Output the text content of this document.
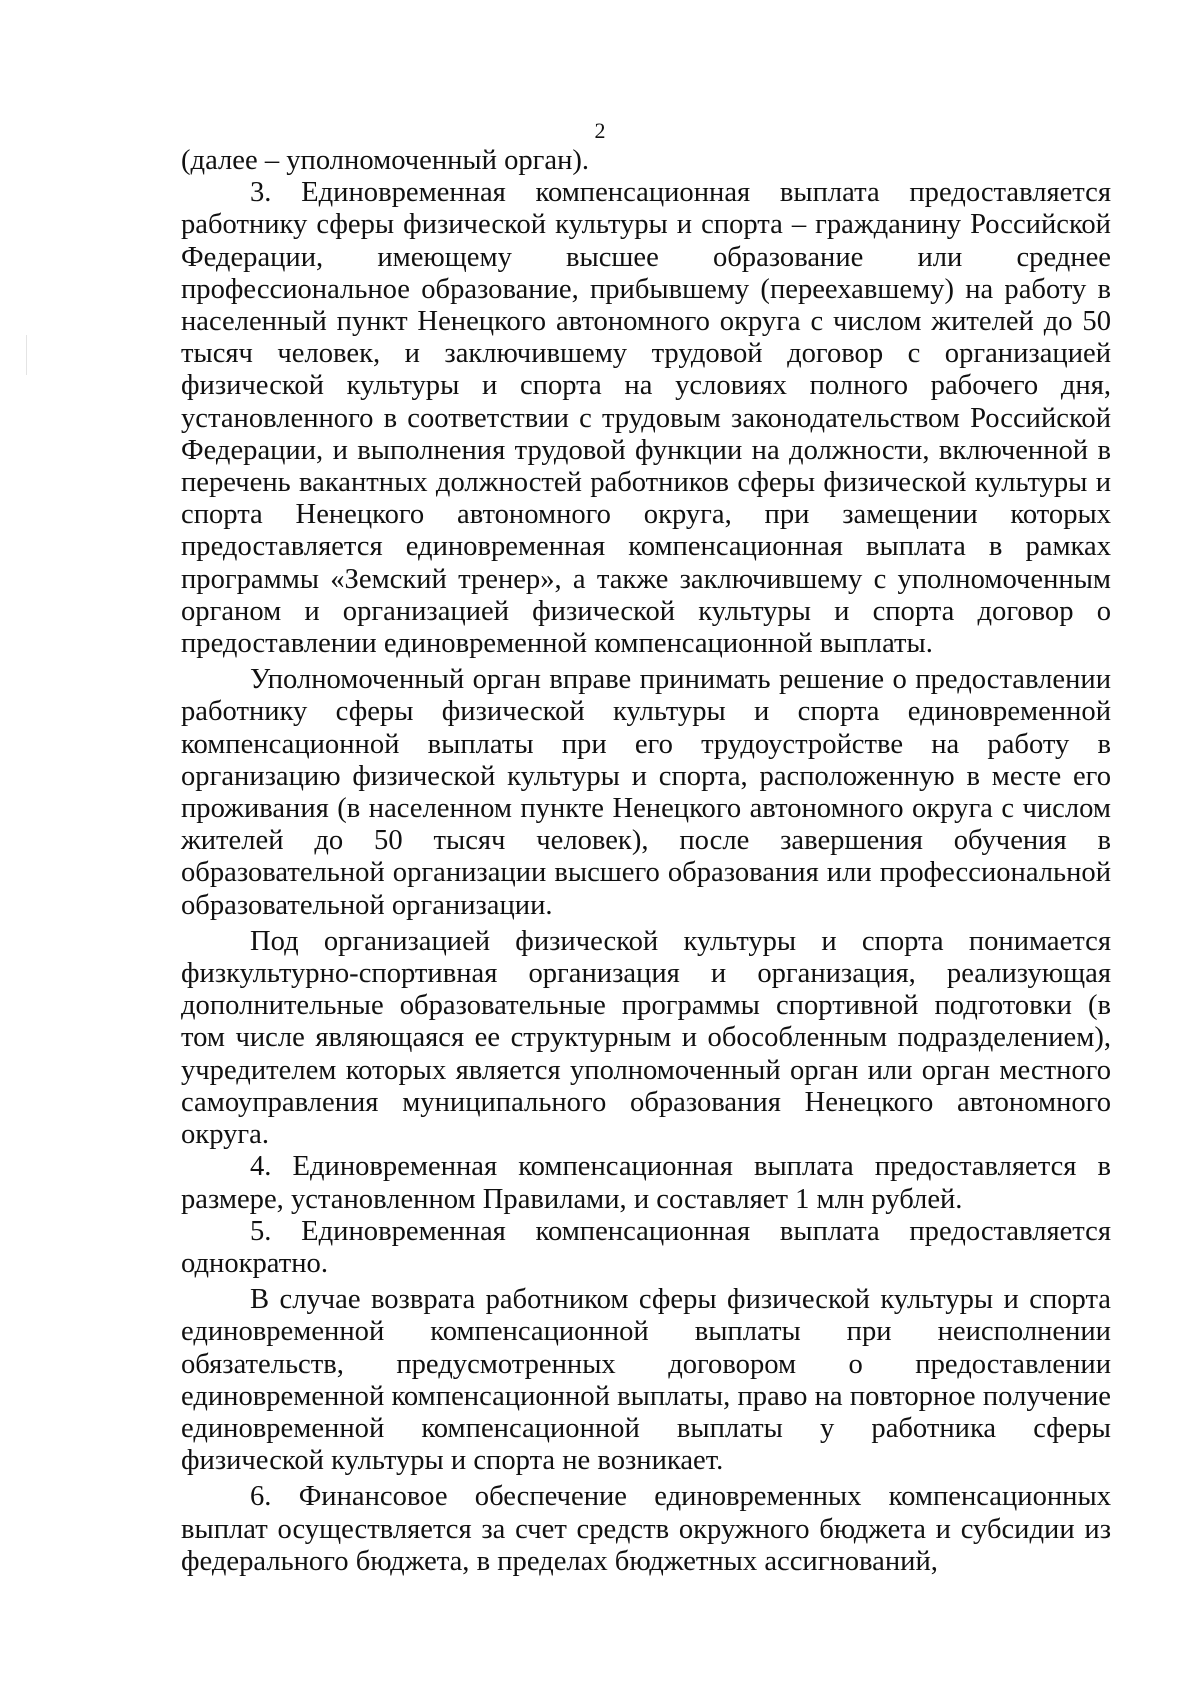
2

(далее – уполномоченный орган).

3. Единовременная компенсационная выплата предоставляется работнику сферы физической культуры и спорта – гражданину Российской Федерации, имеющему высшее образование или среднее профессиональное образование, прибывшему (переехавшему) на работу в населенный пункт Ненецкого автономного округа с числом жителей до 50 тысяч человек, и заключившему трудовой договор с организацией физической культуры и спорта на условиях полного рабочего дня, установленного в соответствии с трудовым законодательством Российской Федерации, и выполнения трудовой функции на должности, включенной в перечень вакантных должностей работников сферы физической культуры и спорта Ненецкого автономного округа, при замещении которых предоставляется единовременная компенсационная выплата в рамках программы «Земский тренер», а также заключившему с уполномоченным органом и организацией физической культуры и спорта договор о предоставлении единовременной компенсационной выплаты.

Уполномоченный орган вправе принимать решение о предоставлении работнику сферы физической культуры и спорта единовременной компенсационной выплаты при его трудоустройстве на работу в организацию физической культуры и спорта, расположенную в месте его проживания (в населенном пункте Ненецкого автономного округа с числом жителей до 50 тысяч человек), после завершения обучения в образовательной организации высшего образования или профессиональной образовательной организации.

Под организацией физической культуры и спорта понимается физкультурно-спортивная организация и организация, реализующая дополнительные образовательные программы спортивной подготовки (в том числе являющаяся ее структурным и обособленным подразделением), учредителем которых является уполномоченный орган или орган местного самоуправления муниципального образования Ненецкого автономного округа.

4. Единовременная компенсационная выплата предоставляется в размере, установленном Правилами, и составляет 1 млн рублей.

5. Единовременная компенсационная выплата предоставляется однократно.

В случае возврата работником сферы физической культуры и спорта единовременной компенсационной выплаты при неисполнении обязательств, предусмотренных договором о предоставлении единовременной компенсационной выплаты, право на повторное получение единовременной компенсационной выплаты у работника сферы физической культуры и спорта не возникает.

6. Финансовое обеспечение единовременных компенсационных выплат осуществляется за счет средств окружного бюджета и субсидии из федерального бюджета, в пределах бюджетных ассигнований,
